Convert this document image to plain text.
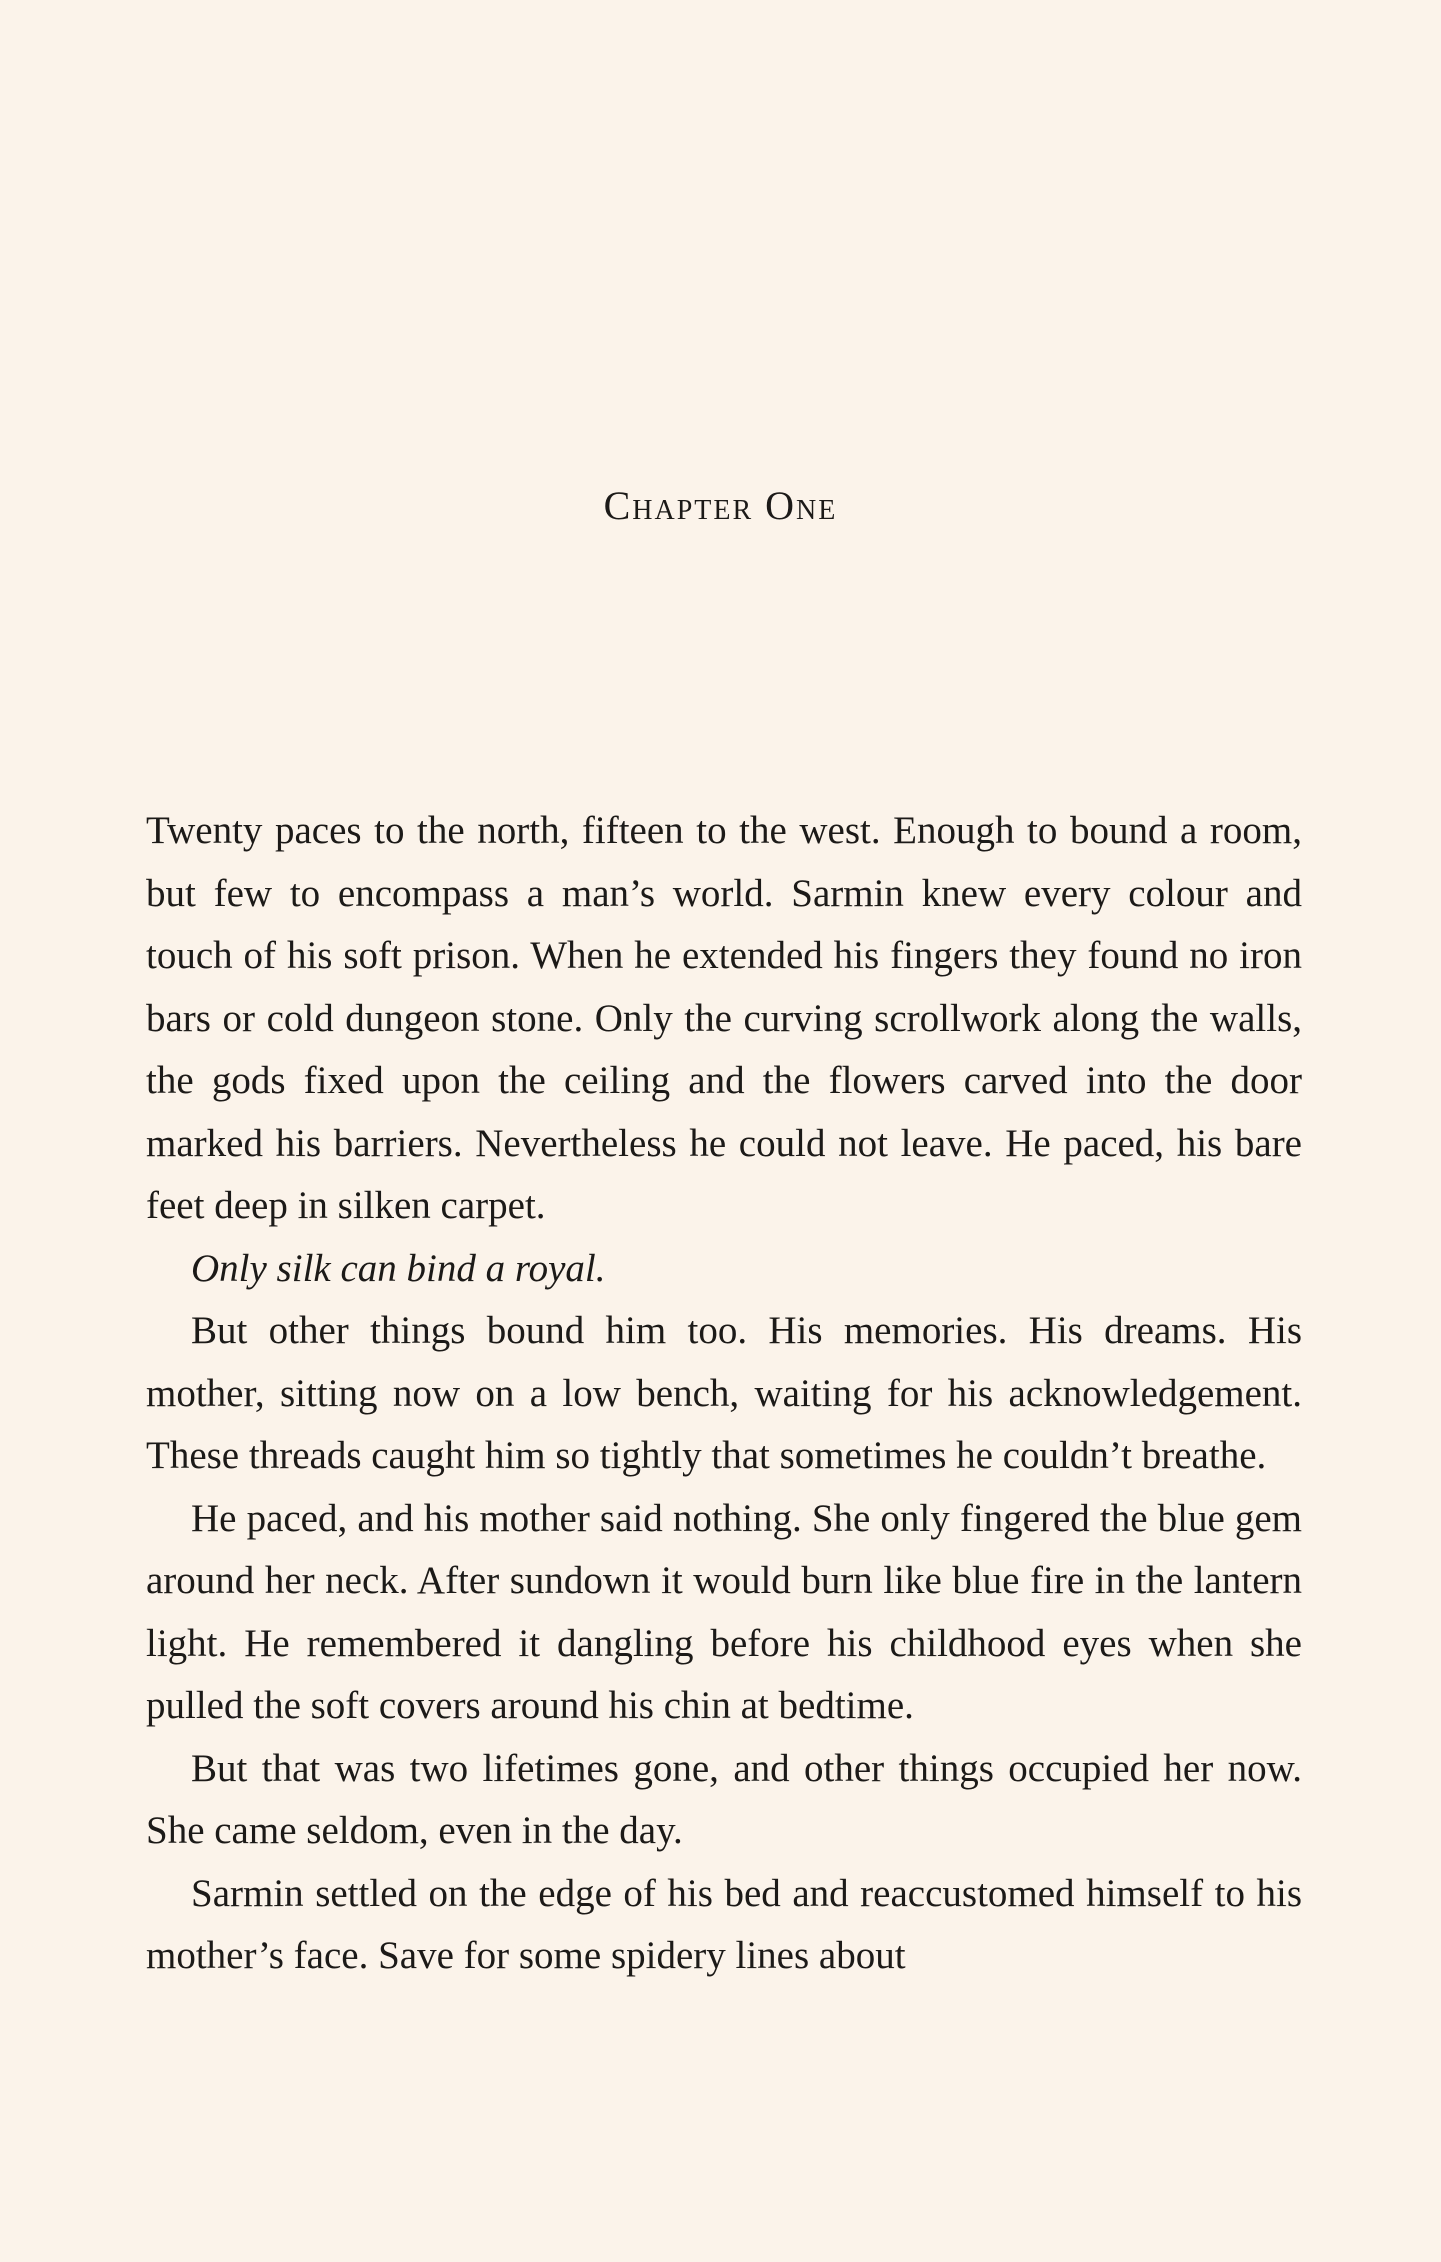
Chapter One

Twenty paces to the north, fifteen to the west. Enough to bound a room, but few to encompass a man’s world. Sarmin knew every colour and touch of his soft prison. When he extended his fingers they found no iron bars or cold dungeon stone. Only the curving scrollwork along the walls, the gods fixed upon the ceiling and the flowers carved into the door marked his barriers. Nevertheless he could not leave. He paced, his bare feet deep in silken carpet.

Only silk can bind a royal.

But other things bound him too. His memories. His dreams. His mother, sitting now on a low bench, waiting for his acknowledgement. These threads caught him so tightly that sometimes he couldn’t breathe.

He paced, and his mother said nothing. She only fingered the blue gem around her neck. After sundown it would burn like blue fire in the lantern light. He remembered it dangling before his childhood eyes when she pulled the soft covers around his chin at bedtime.

But that was two lifetimes gone, and other things occupied her now. She came seldom, even in the day.

Sarmin settled on the edge of his bed and reaccustomed himself to his mother’s face. Save for some spidery lines about
